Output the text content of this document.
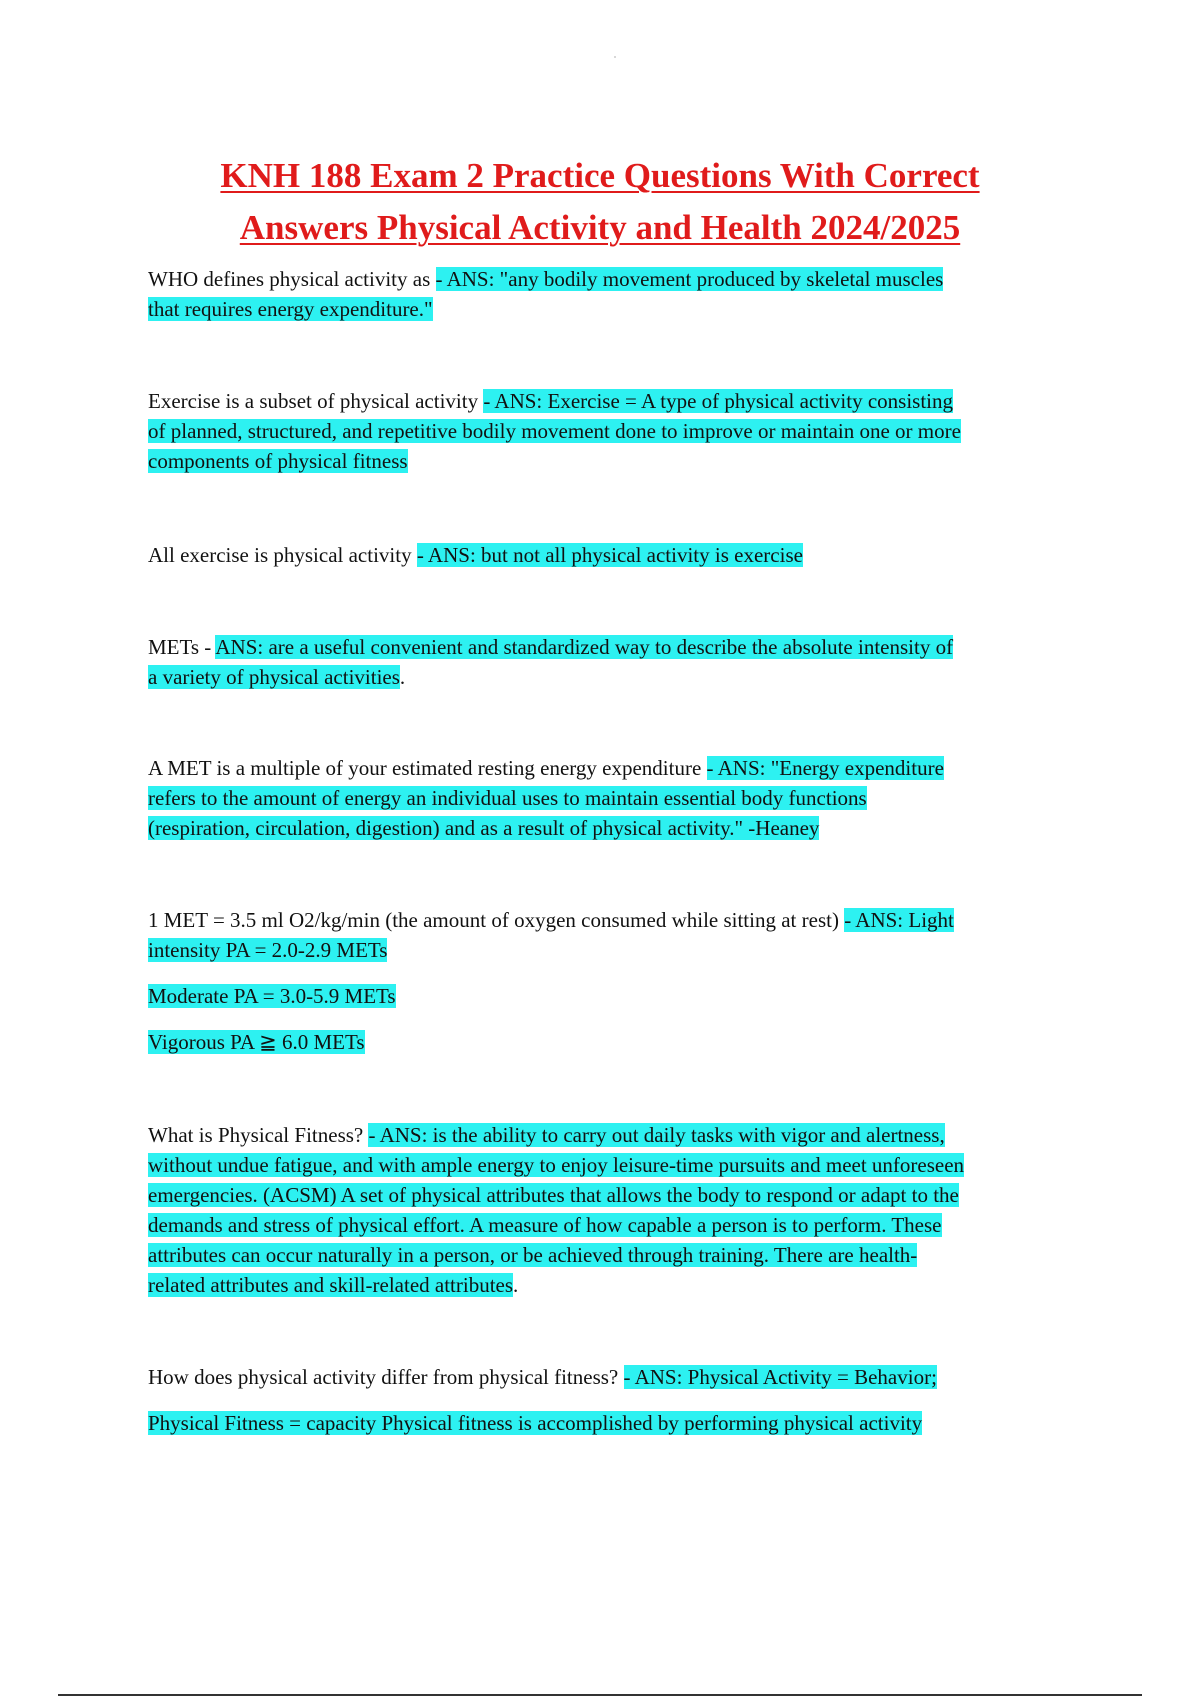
KNH 188 Exam 2 Practice Questions With Correct
Answers Physical Activity and Health 2024/2025
WHO defines physical activity as - ANS: "any bodily movement produced by skeletal muscles
that requires energy expenditure."
Exercise is a subset of physical activity - ANS: Exercise = A type of physical activity consisting
of planned, structured, and repetitive bodily movement done to improve or maintain one or more
components of physical fitness
All exercise is physical activity - ANS: but not all physical activity is exercise
METs - ANS: are a useful convenient and standardized way to describe the absolute intensity of
a variety of physical activities.
A MET is a multiple of your estimated resting energy expenditure - ANS: "Energy expenditure
refers to the amount of energy an individual uses to maintain essential body functions
(respiration, circulation, digestion) and as a result of physical activity." -Heaney
1 MET = 3.5 ml O2/kg/min (the amount of oxygen consumed while sitting at rest) - ANS: Light
intensity PA = 2.0-2.9 METs
Moderate PA = 3.0-5.9 METs
Vigorous PA ≧ 6.0 METs
What is Physical Fitness? - ANS: is the ability to carry out daily tasks with vigor and alertness,
without undue fatigue, and with ample energy to enjoy leisure-time pursuits and meet unforeseen
emergencies. (ACSM) A set of physical attributes that allows the body to respond or adapt to the
demands and stress of physical effort. A measure of how capable a person is to perform. These
attributes can occur naturally in a person, or be achieved through training. There are health-
related attributes and skill-related attributes.
How does physical activity differ from physical fitness? - ANS: Physical Activity = Behavior;
Physical Fitness = capacity Physical fitness is accomplished by performing physical activity
